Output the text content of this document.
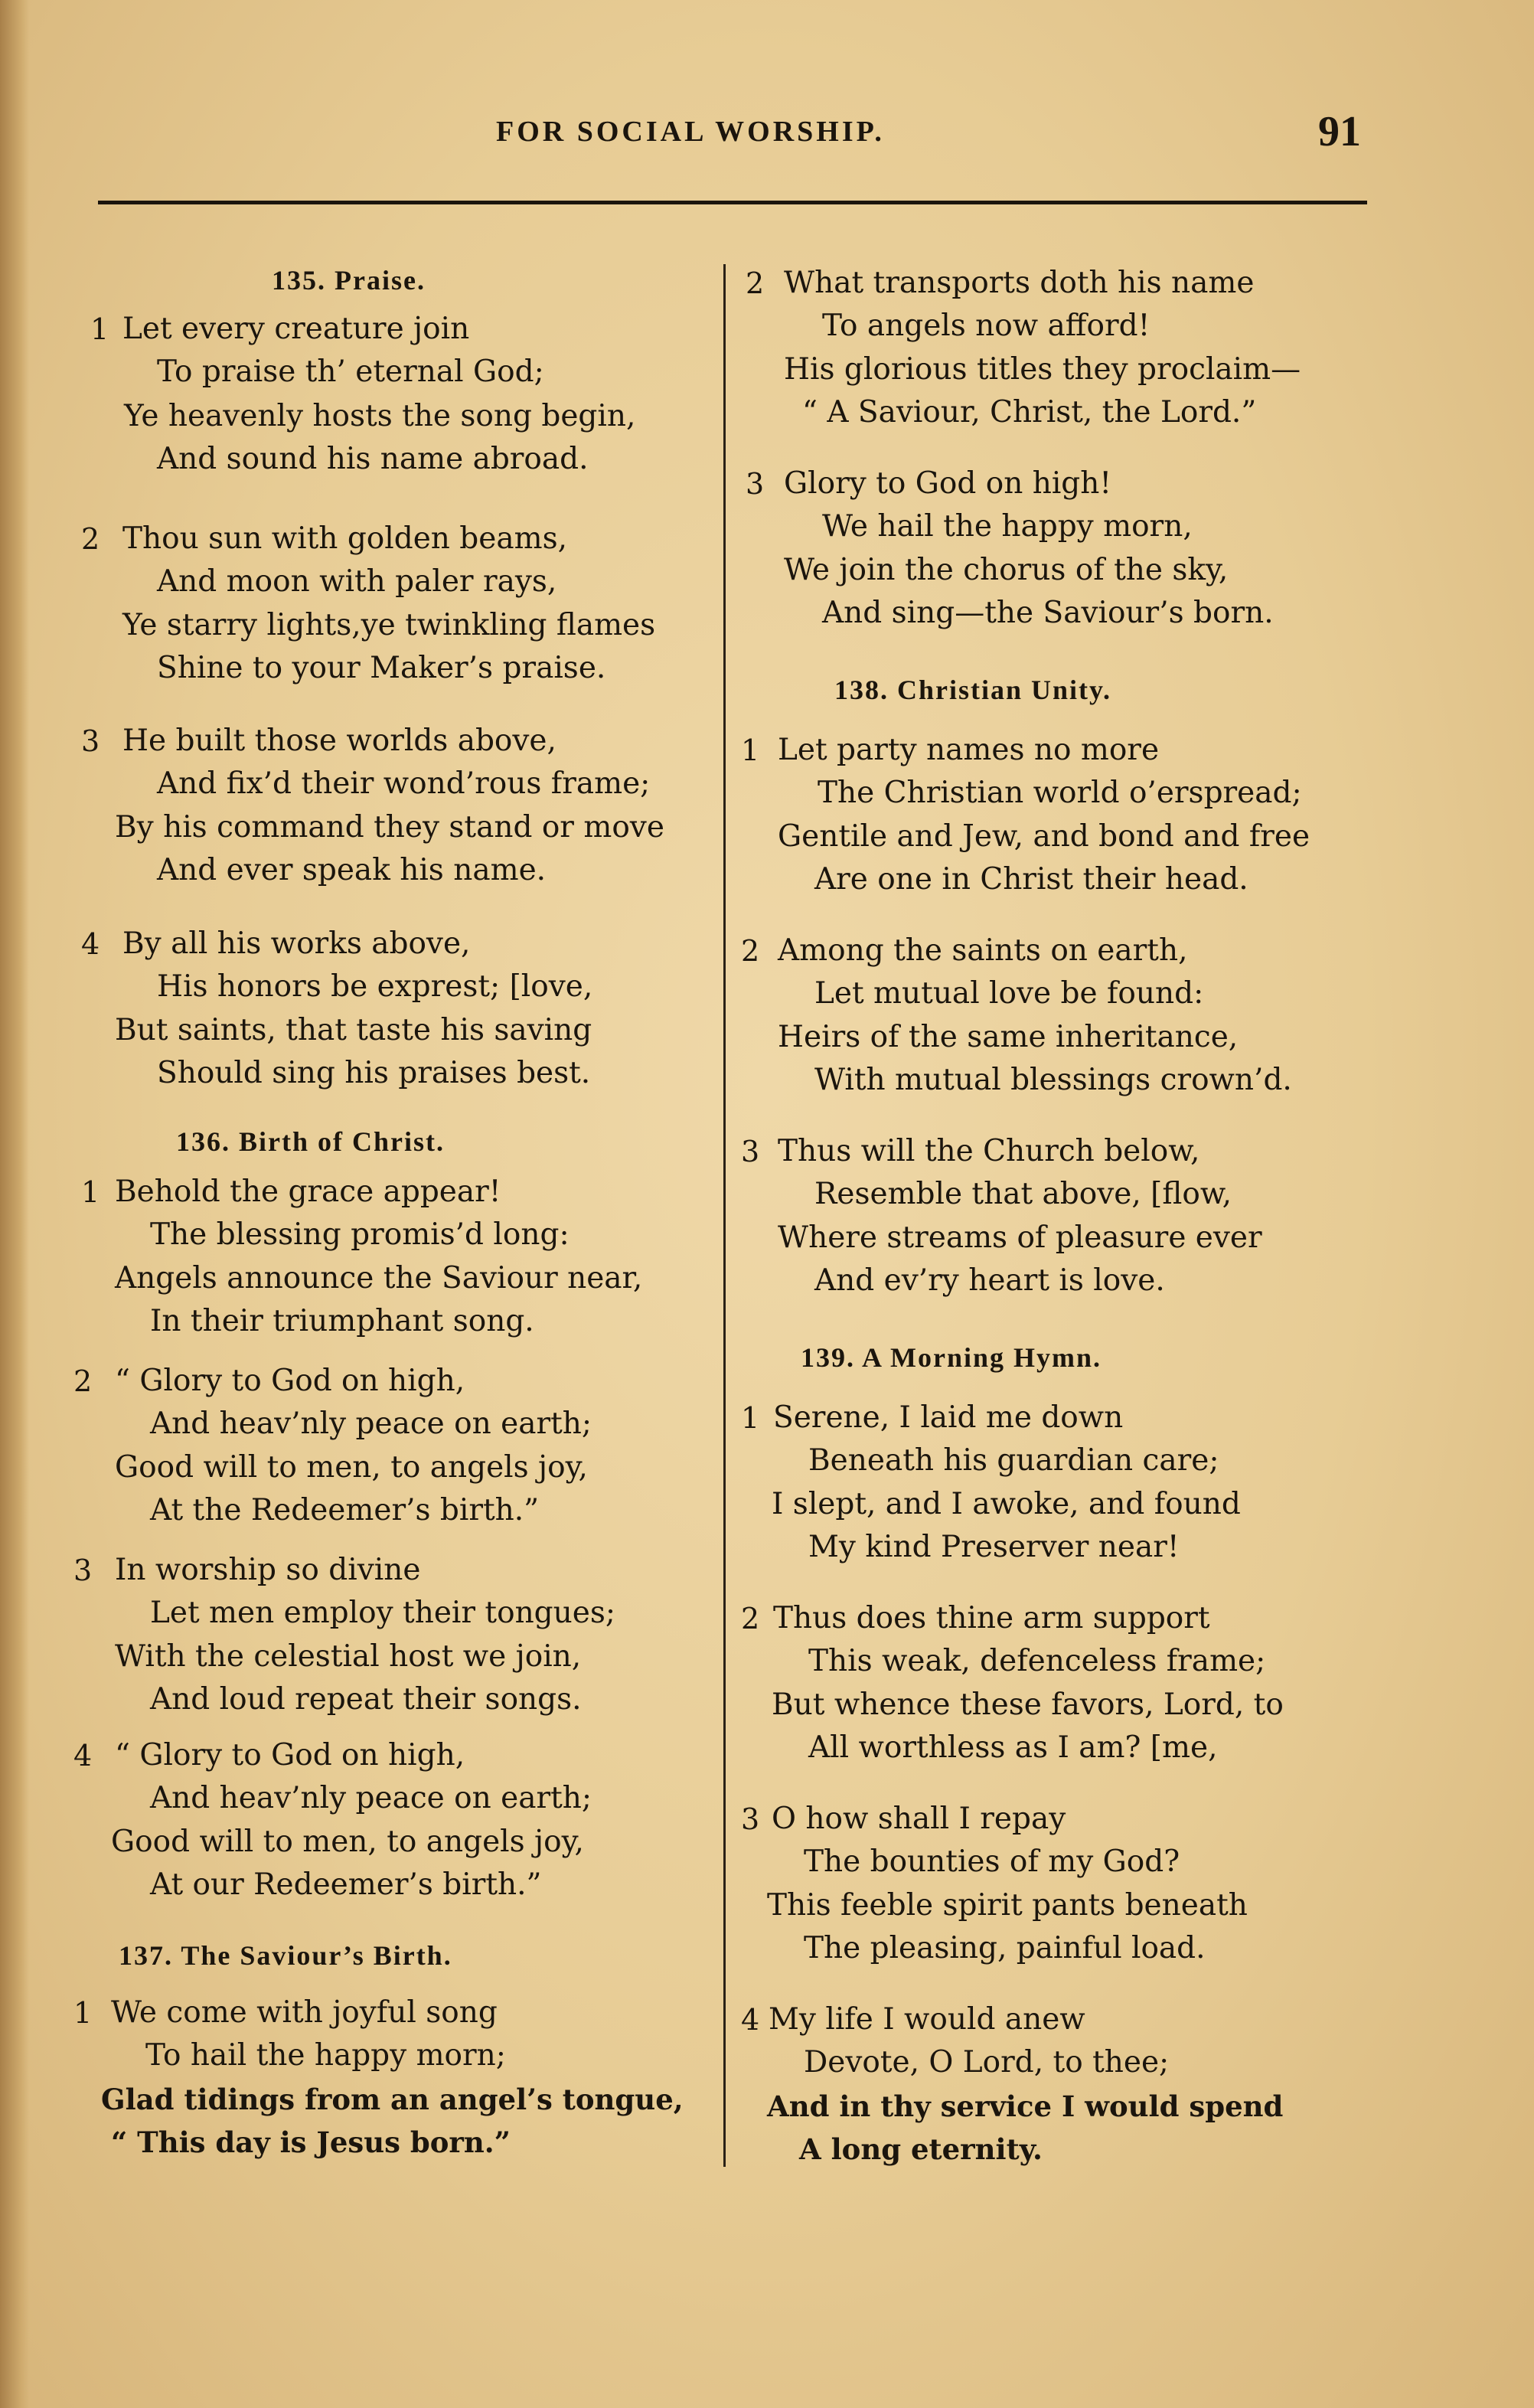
FOR SOCIAL WORSHIP.	91
135. Praise.
1 Let every creature join
To praise th’ eternal God;
Ye heavenly hosts the song begin,
And sound his name abroad.
2 Thou sun with golden beams,
And moon with paler rays,
Ye starry lights,ye twinkling flames
Shine to your Maker’s praise.
3 He built those worlds above,
And fix’d their wond’rous frame;
By his command they stand or move
And ever speak his name.
4 By all his works above,
His honors be exprest; [love,
But saints, that taste his saving
Should sing his praises best.
136. Birth of Christ.
1 Behold the grace appear!
The blessing promis’d long:
Angels announce the Saviour near,
In their triumphant song.
2 “ Glory to God on high,
And heav’nly peace on earth;
Good will to men, to angels joy,
At the Redeemer’s birth.”
3 In worship so divine
Let men employ their tongues;
With the celestial host we join,
And loud repeat their songs.
4 “ Glory to God on high,
And heav’nly peace on earth;
Good will to men, to angels joy,
At our Redeemer’s birth.”
137. The Saviour’s Birth.
1 We come with joyful song
To hail the happy morn;
Glad tidings from an angel’s tongue,
“ This day is Jesus born.”
2 What transports doth his name
To angels now afford!
His glorious titles they proclaim—
“ A Saviour, Christ, the Lord.”
3 Glory to God on high!
We hail the happy morn,
We join the chorus of the sky,
And sing—the Saviour’s born.
138. Christian Unity.
1 Let party names no more
The Christian world o’erspread;
Gentile and Jew, and bond and free
Are one in Christ their head.
2 Among the saints on earth,
Let mutual love be found:
Heirs of the same inheritance,
With mutual blessings crown’d.
3 Thus will the Church below,
Resemble that above, [flow,
Where streams of pleasure ever
And ev’ry heart is love.
139. A Morning Hymn.
1 Serene, I laid me down
Beneath his guardian care;
I slept, and I awoke, and found
My kind Preserver near!
2 Thus does thine arm support
This weak, defenceless frame;
But whence these favors, Lord, to
All worthless as I am? [me,
3 O how shall I repay
The bounties of my God?
This feeble spirit pants beneath
The pleasing, painful load.
4 My life I would anew
Devote, O Lord, to thee;
And in thy service I would spend
A long eternity.
